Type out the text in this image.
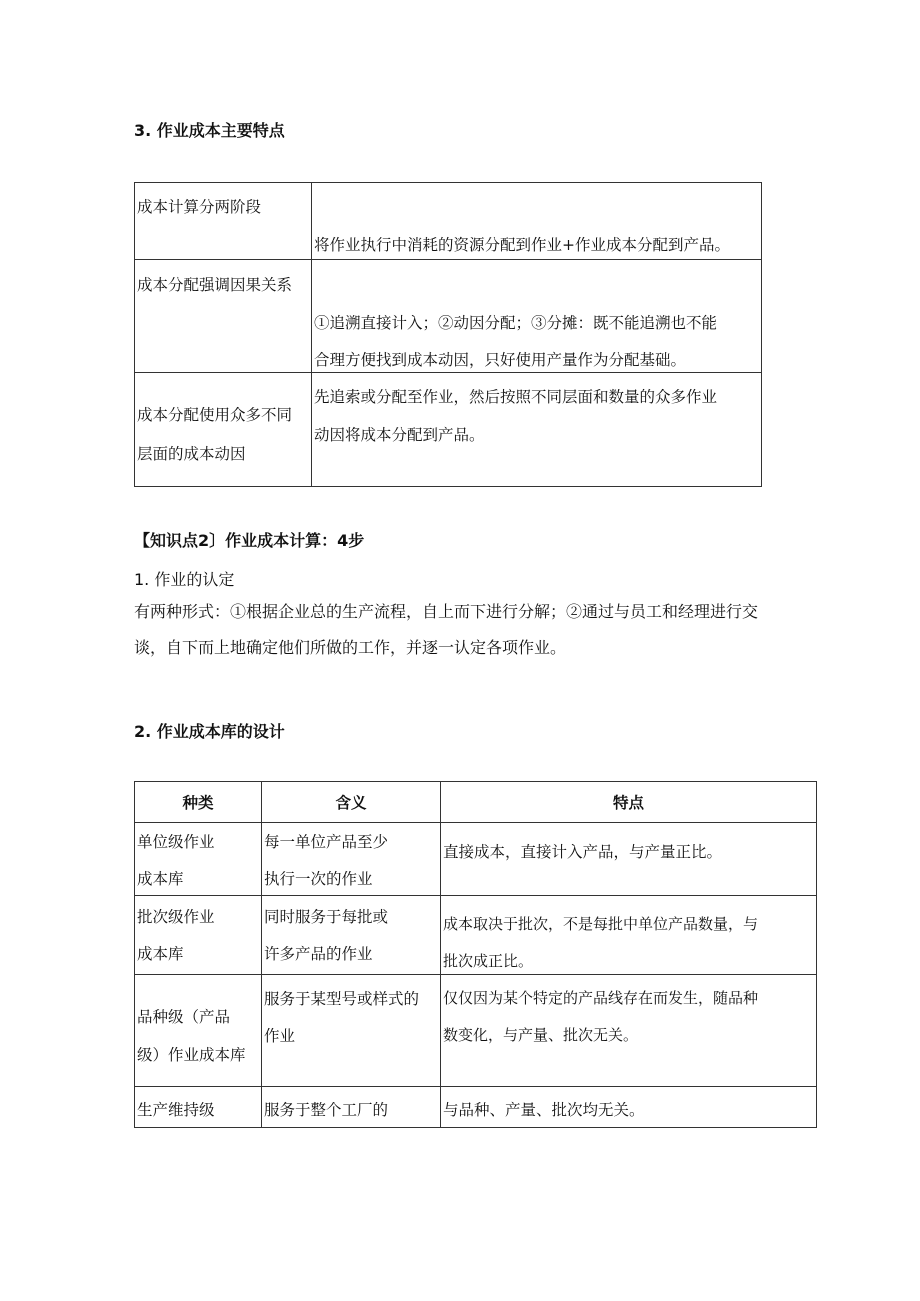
3. 作业成本主要特点
成本计算分两阶段	将作业执行中消耗的资源分配到作业+作业成本分配到产品。

成本分配强调因果关系	①追溯直接计入；②动因分配；③分摊：既不能追溯也不能
合理方便找到成本动因，只好使用产量作为分配基础。

成本分配使用众多不同
层面的成本动因	先追索或分配至作业，然后按照不同层面和数量的众多作业
动因将成本分配到产品。
【知识点2〕作业成本计算：4步
1. 作业的认定
有两种形式：①根据企业总的生产流程，自上而下进行分解；②通过与员工和经理进行交
谈，自下而上地确定他们所做的工作，并逐一认定各项作业。
2. 作业成本库的设计
种类	含义	特点

单位级作业
成本库	每一单位产品至少
执行一次的作业	直接成本，直接计入产品，与产量正比。

批次级作业
成本库	同时服务于每批或
许多产品的作业	成本取决于批次，不是每批中单位产品数量，与
批次成正比。

品种级（产品
级）作业成本库	服务于某型号或样式的
作业	仅仅因为某个特定的产品线存在而发生，随品种
数变化，与产量、批次无关。

生产维持级	服务于整个工厂的	与品种、产量、批次均无关。
